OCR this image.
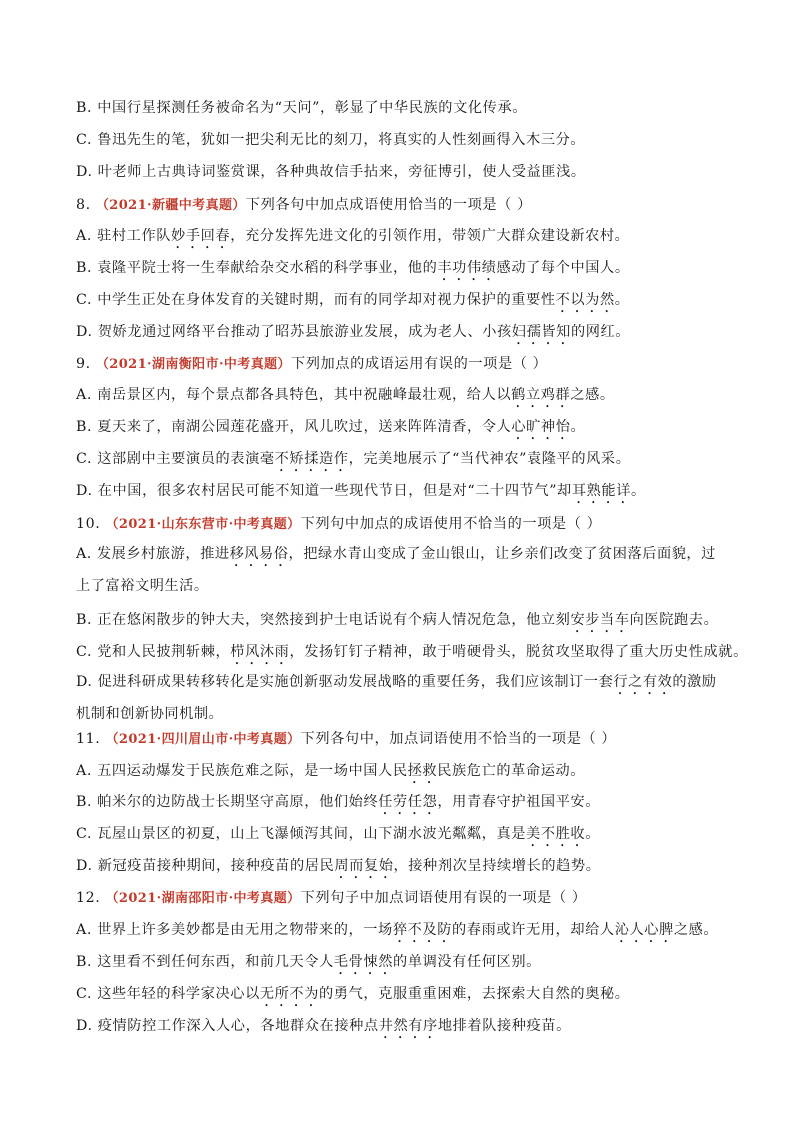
B. 中国行星探测任务被命名为“天问”，彰显了中华民族的文化传承。
C. 鲁迅先生的笔，犹如一把尖利无比的刻刀，将真实的人性刻画得入木三分。
D. 叶老师上古典诗词鉴赏课，各种典故信手拈来，旁征博引，使人受益匪浅。
8. （2021·新疆中考真题）下列各句中加点成语使用恰当的一项是（ ）
A. 驻村工作队妙手回春，充分发挥先进文化的引领作用，带领广大群众建设新农村。
B. 袁隆平院士将一生奉献给杂交水稻的科学事业，他的丰功伟绩感动了每个中国人。
C. 中学生正处在身体发育的关键时期，而有的同学却对视力保护的重要性不以为然。
D. 贺娇龙通过网络平台推动了昭苏县旅游业发展，成为老人、小孩妇孺皆知的网红。
9. （2021·湖南衡阳市·中考真题）下列加点的成语运用有误的一项是（ ）
A. 南岳景区内，每个景点都各具特色，其中祝融峰最壮观，给人以鹤立鸡群之感。
B. 夏天来了，南湖公园莲花盛开，风儿吹过，送来阵阵清香，令人心旷神怡。
C. 这部剧中主要演员的表演毫不矫揉造作，完美地展示了“当代神农”袁隆平的风采。
D. 在中国，很多农村居民可能不知道一些现代节日，但是对“二十四节气”却耳熟能详。
10. （2021·山东东营市·中考真题）下列句中加点的成语使用不恰当的一项是（ ）
A. 发展乡村旅游，推进移风易俗，把绿水青山变成了金山银山，让乡亲们改变了贫困落后面貌，过上了富裕文明生活。
B. 正在悠闲散步的钟大夫，突然接到护士电话说有个病人情况危急，他立刻安步当车向医院跑去。
C. 党和人民披荆斩棘，栉风沐雨，发扬钉钉子精神，敢于啃硬骨头，脱贫攻坚取得了重大历史性成就。
D. 促进科研成果转移转化是实施创新驱动发展战略的重要任务，我们应该制订一套行之有效的激励机制和创新协同机制。
11. （2021·四川眉山市·中考真题）下列各句中，加点词语使用不恰当的一项是（ ）
A. 五四运动爆发于民族危难之际，是一场中国人民拯救民族危亡的革命运动。
B. 帕米尔的边防战士长期坚守高原，他们始终任劳任怨，用青春守护祖国平安。
C. 瓦屋山景区的初夏，山上飞瀑倾泻其间，山下湖水波光粼粼，真是美不胜收。
D. 新冠疫苗接种期间，接种疫苗的居民周而复始，接种剂次呈持续增长的趋势。
12. （2021·湖南邵阳市·中考真题）下列句子中加点词语使用有误的一项是（ ）
A. 世界上许多美妙都是由无用之物带来的，一场猝不及防的春雨或许无用，却给人沁人心脾之感。
B. 这里看不到任何东西，和前几天令人毛骨悚然的单调没有任何区别。
C. 这些年轻的科学家决心以无所不为的勇气，克服重重困难，去探索大自然的奥秘。
D. 疫情防控工作深入人心，各地群众在接种点井然有序地排着队接种疫苗。
